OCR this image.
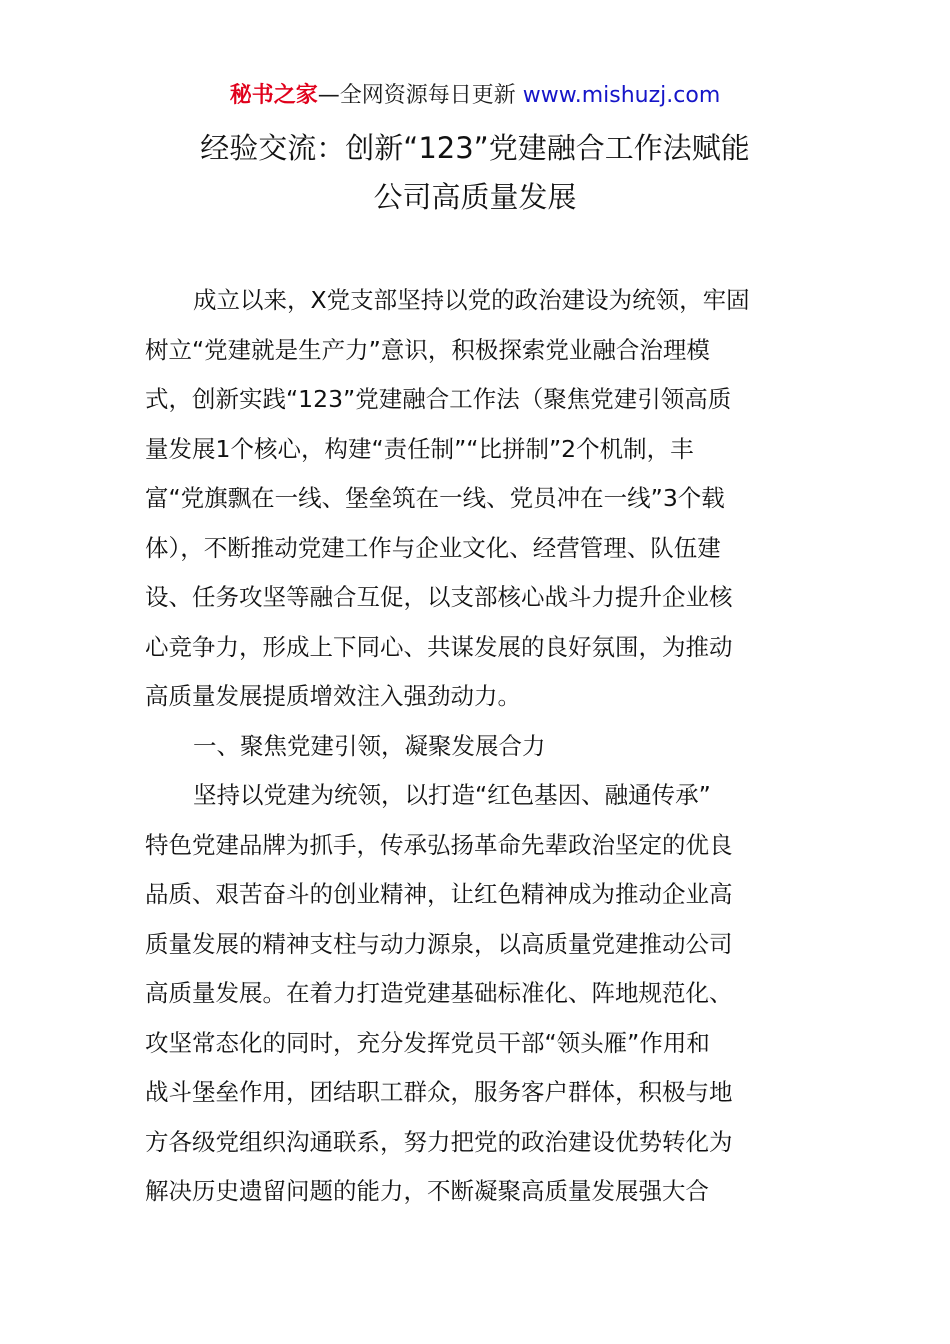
秘书之家—全网资源每日更新 www.mishuzj.com
经验交流：创新“123”党建融合工作法赋能
公司高质量发展
成立以来，X党支部坚持以党的政治建设为统领，牢固
树立“党建就是生产力”意识，积极探索党业融合治理模
式，创新实践“123”党建融合工作法（聚焦党建引领高质
量发展1个核心，构建“责任制”“比拼制”2个机制，丰
富“党旗飘在一线、堡垒筑在一线、党员冲在一线”3个载
体），不断推动党建工作与企业文化、经营管理、队伍建
设、任务攻坚等融合互促，以支部核心战斗力提升企业核
心竞争力，形成上下同心、共谋发展的良好氛围，为推动
高质量发展提质增效注入强劲动力。
一、聚焦党建引领，凝聚发展合力
坚持以党建为统领，以打造“红色基因、融通传承”
特色党建品牌为抓手，传承弘扬革命先辈政治坚定的优良
品质、艰苦奋斗的创业精神，让红色精神成为推动企业高
质量发展的精神支柱与动力源泉，以高质量党建推动公司
高质量发展。在着力打造党建基础标准化、阵地规范化、
攻坚常态化的同时，充分发挥党员干部“领头雁”作用和
战斗堡垒作用，团结职工群众，服务客户群体，积极与地
方各级党组织沟通联系，努力把党的政治建设优势转化为
解决历史遗留问题的能力，不断凝聚高质量发展强大合
